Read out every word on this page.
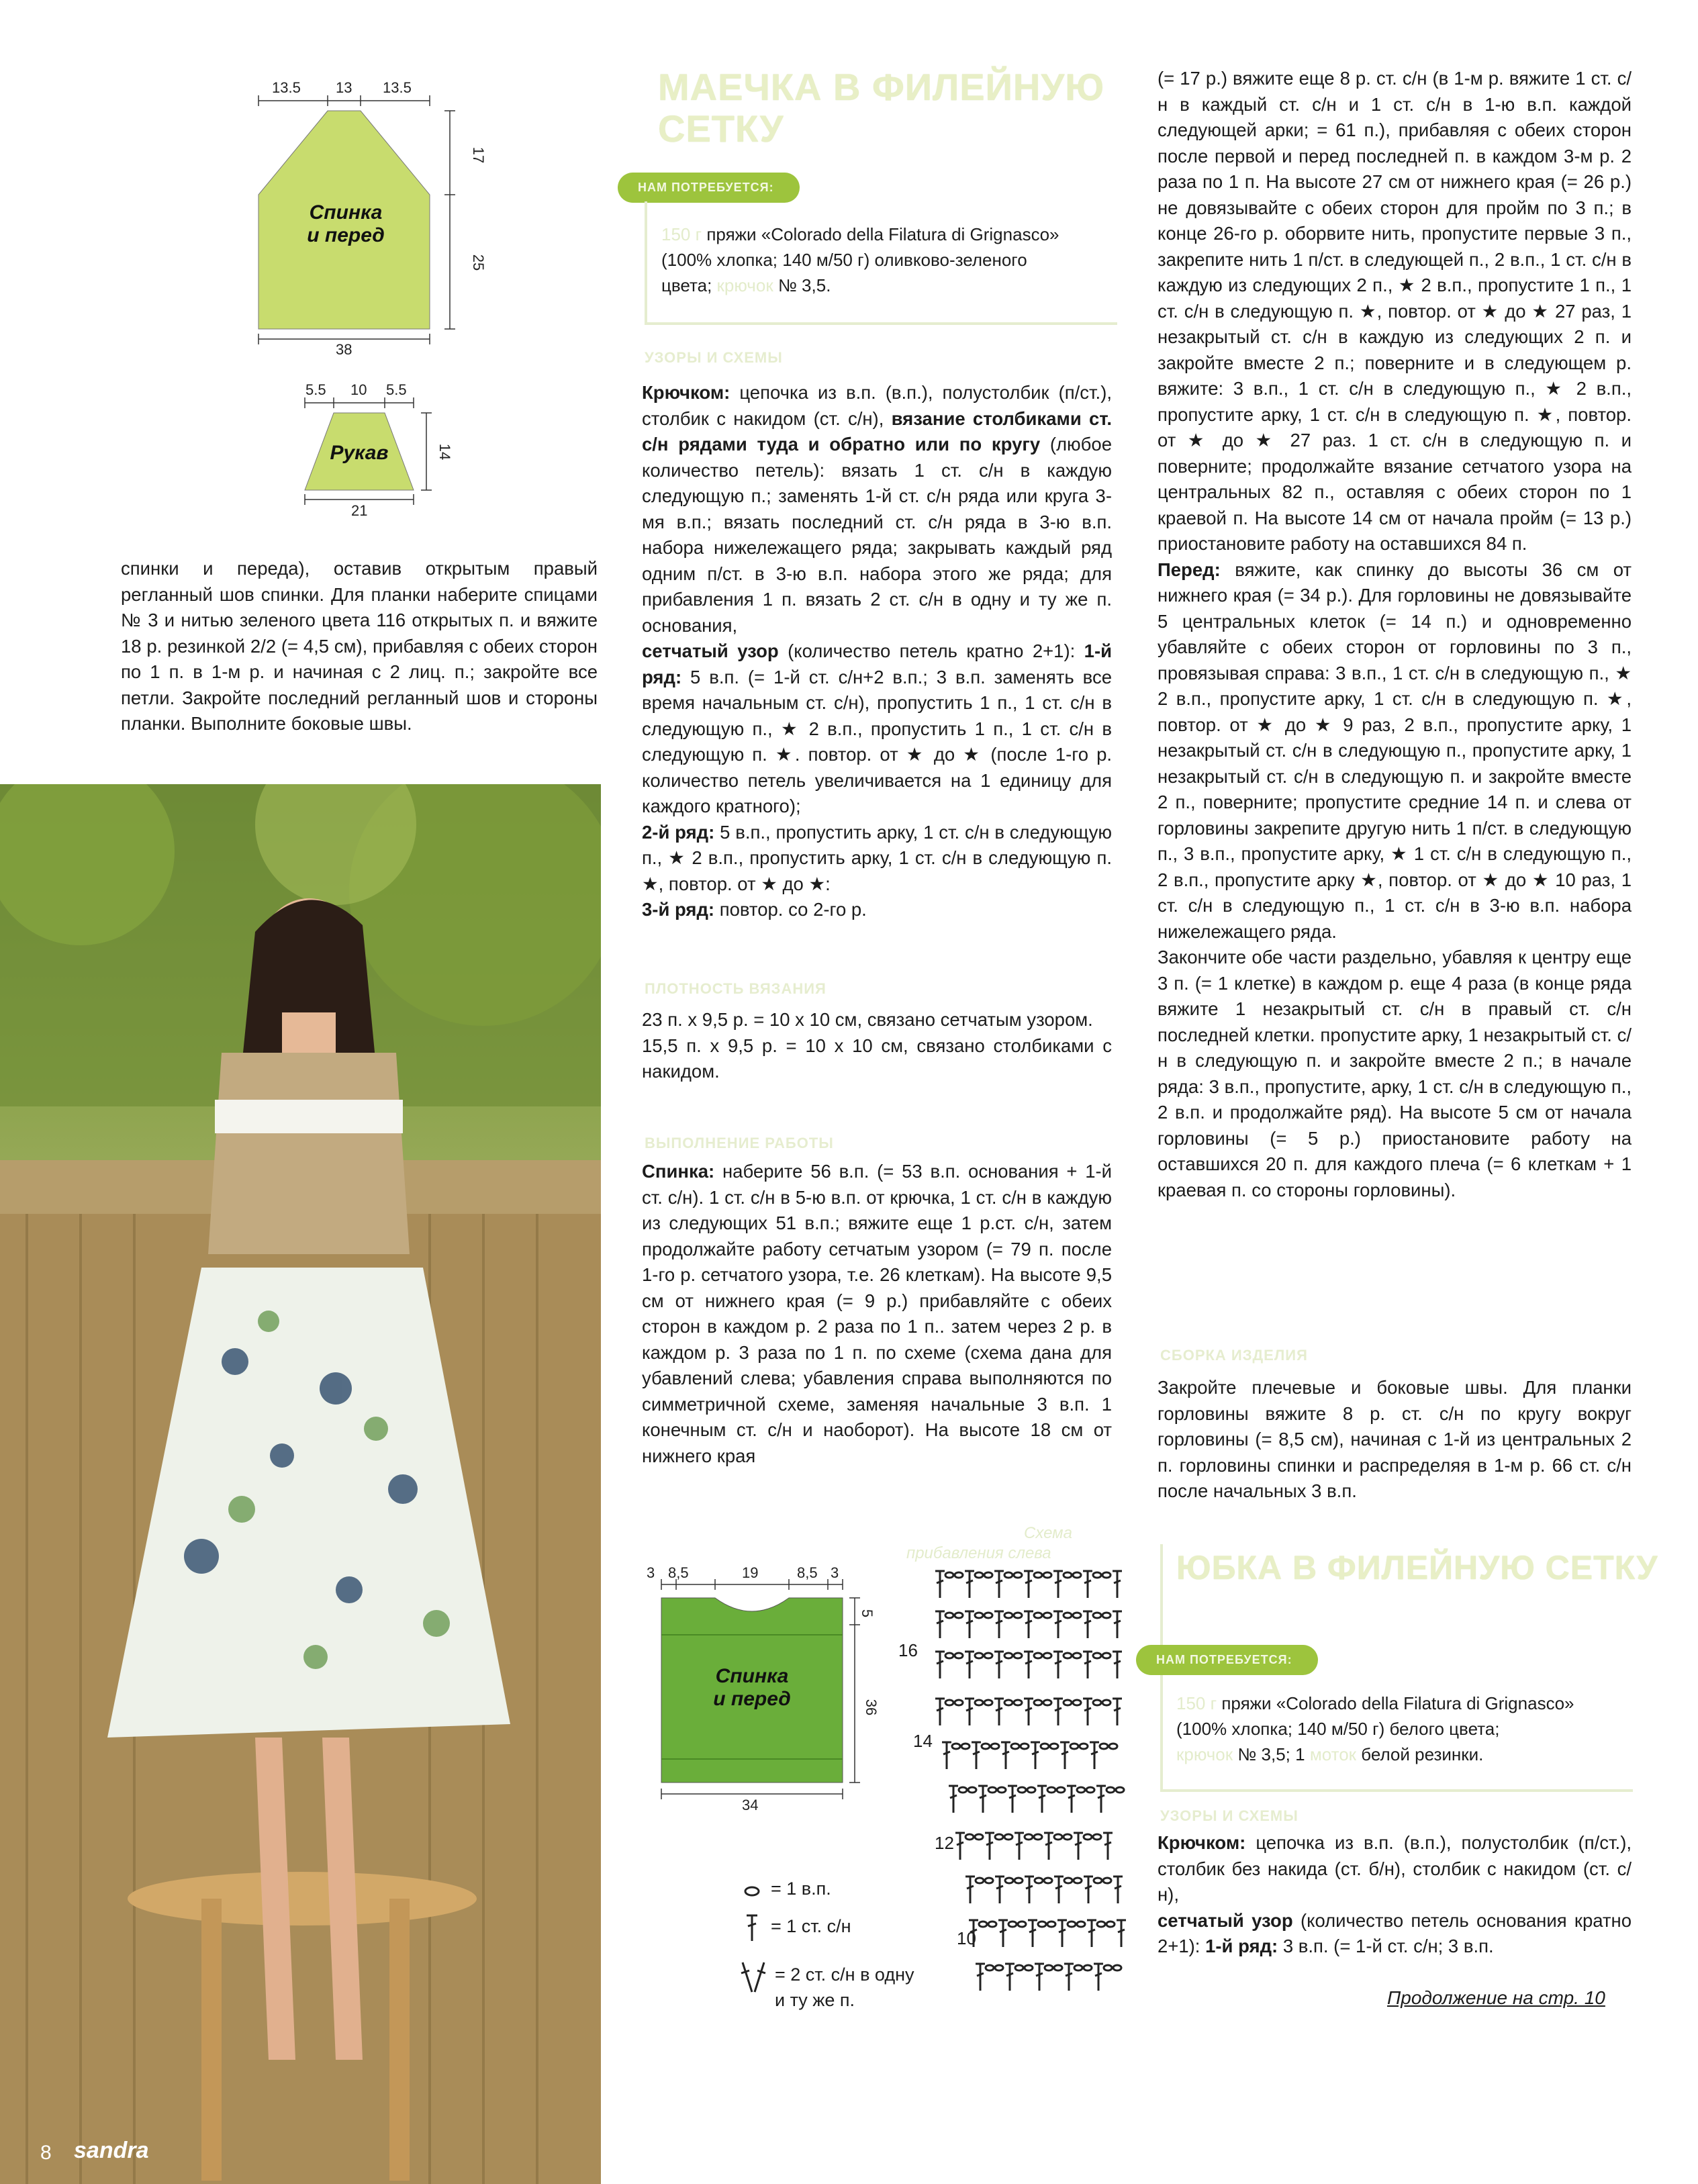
13.5 13 13.5
17
25
38
Спинка
и перед
5.5 10 5.5
14
21
Рукав
спинки и переда), оставив открытым правый регланный шов спинки. Для планки наберите спицами № 3 и нитью зеленого цвета 116 открытых п. и вяжите 18 р. резинкой 2/2 (= 4,5 см), прибавляя с обеих сторон по 1 п. в 1-м р. и начиная с 2 лиц. п.; закройте все петли. Закройте последний регланный шов и стороны планки. Выполните боковые швы.
8 sandra
МАЕЧКА В ФИЛЕЙНУЮ
СЕТКУ
НАМ ПОТРЕБУЕТСЯ:
150 г пряжи «Colorado della Filatura di Grignasco»
(100% хлопка; 140 м/50 г) оливково-зеленого
цвета; крючок № 3,5.
УЗОРЫ И СХЕМЫ
Крючком: цепочка из в.п. (в.п.), полустолбик (п/ст.), столбик с накидом (ст. с/н), вязание столбиками ст. с/н рядами туда и обратно или по кругу (любое количество петель): вязать 1 ст. с/н в каждую следующую п.; заменять 1-й ст. с/н ряда или круга 3-мя в.п.; вязать последний ст. с/н ряда в 3-ю в.п. набора нижележащего ряда; закрывать каждый ряд одним п/ст. в 3-ю в.п. набора этого же ряда; для прибавления 1 п. вязать 2 ст. с/н в одну и ту же п. основания,
сетчатый узор (количество петель кратно 2+1): 1-й ряд: 5 в.п. (= 1-й ст. с/н+2 в.п.; 3 в.п. заменять все время начальным ст. с/н), пропустить 1 п., 1 ст. с/н в следующую п., ★ 2 в.п., пропустить 1 п., 1 ст. с/н в следующую п. ★. повтор. от ★ до ★ (после 1-го р. количество петель увеличивается на 1 единицу для каждого кратного);
2-й ряд: 5 в.п., пропустить арку, 1 ст. с/н в следующую п., ★ 2 в.п., пропустить арку, 1 ст. с/н в следующую п. ★, повтор. от ★ до ★:
3-й ряд: повтор. со 2-го р.
ПЛОТНОСТЬ ВЯЗАНИЯ

23 п. х 9,5 р. = 10 х 10 см, связано сетчатым узором.

15,5 п. х 9,5 р. = 10 х 10 см, связано столбиками с накидом.

ВЫПОЛНЕНИЕ РАБОТЫ
Спинка: наберите 56 в.п. (= 53 в.п. основания + 1-й ст. с/н). 1 ст. с/н в 5-ю в.п. от крючка, 1 ст. с/н в каждую из следующих 51 в.п.; вяжите еще 1 р.ст. с/н, затем продолжайте работу сетчатым узором (= 79 п. после 1-го р. сетчатого узора, т.е. 26 клеткам). На высоте 9,5 см от нижнего края (= 9 р.) прибавляйте с обеих сторон в каждом р. 2 раза по 1 п.. затем через 2 р. в каждом р. 3 раза по 1 п. по схеме (схема дана для убавлений слева; убавления справа выполняются по симметричной схеме, заменяя начальные 3 в.п. 1 конечным ст. с/н и наоборот). На высоте 18 см от нижнего края
3 8,5	19	8,5 3
5
36
34
Спинка
и перед
Схема
прибавления слева
16
14
12
10
= 1 в.п.
= 1 ст. с/н
= 2 ст. с/н в одну
и ту же п.

(= 17 р.) вяжите еще 8 р. ст. с/н (в 1-м р. вяжите 1 ст. с/н в каждый ст. с/н и 1 ст. с/н в 1-ю в.п. каждой следующей арки; = 61 п.), прибавляя с обеих сторон после первой и перед последней п. в каждом 3-м р. 2 раза по 1 п. На высоте 27 см от нижнего края (= 26 р.) не довязывайте с обеих сторон для пройм по 3 п.; в конце 26-го р. оборвите нить, пропустите первые 3 п., закрепите нить 1 п/ст. в следующей п., 2 в.п., 1 ст. с/н в каждую из следующих 2 п., ★ 2 в.п., пропустите 1 п., 1 ст. с/н в следующую п. ★, повтор. от ★ до ★ 27 раз, 1 незакрытый ст. с/н в каждую из следующих 2 п. и закройте вместе 2 п.; поверните и в следующем р. вяжите: 3 в.п., 1 ст. с/н в следующую п., ★ 2 в.п., пропустите арку, 1 ст. с/н в следующую п. ★, повтор. от ★ до ★ 27 раз. 1 ст. с/н в следующую п. и поверните; продолжайте вязание сетчатого узора на центральных 82 п., оставляя с обеих сторон по 1 краевой п. На высоте 14 см от начала пройм (= 13 р.) приостановите работу на оставшихся 84 п.

Перед: вяжите, как спинку до высоты 36 см от нижнего края (= 34 р.). Для горловины не довязывайте 5 центральных клеток (= 14 п.) и одновременно убавляйте с обеих сторон от горловины по 3 п., провязывая справа: 3 в.п., 1 ст. с/н в следующую п., ★ 2 в.п., пропустите арку, 1 ст. с/н в следующую п. ★, повтор. от ★ до ★ 9 раз, 2 в.п., пропустите арку, 1 незакрытый ст. с/н в следующую п., пропустите арку, 1 незакрытый ст. с/н в следующую п. и закройте вместе 2 п., поверните; пропустите средние 14 п. и слева от горловины закрепите другую нить 1 п/ст. в следующую п., 3 в.п., пропустите арку, ★ 1 ст. с/н в следующую п., 2 в.п., пропустите арку ★, повтор. от ★ до ★ 10 раз, 1 ст. с/н в следующую п., 1 ст. с/н в 3-ю в.п. набора нижележащего ряда.

Закончите обе части раздельно, убавляя к центру еще 3 п. (= 1 клетке) в каждом р. еще 4 раза (в конце ряда вяжите 1 незакрытый ст. с/н в правый ст. с/н последней клетки. пропустите арку, 1 незакрытый ст. с/н в следующую п. и закройте вместе 2 п.; в начале ряда: 3 в.п., пропустите, арку, 1 ст. с/н в следующую п., 2 в.п. и продолжайте ряд). На высоте 5 см от начала горловины (= 5 р.) приостановите работу на оставшихся 20 п. для каждого плеча (= 6 клеткам + 1 краевая п. со стороны горловины).

СБОРКА ИЗДЕЛИЯ
Закройте плечевые и боковые швы. Для планки горловины вяжите 8 р. ст. с/н по кругу вокруг горловины (= 8,5 см), начиная с 1-й из центральных 2 п. горловины спинки и распределяя в 1-м р. 66 ст. с/н после начальных 3 в.п.
ЮБКА В ФИЛЕЙНУЮ СЕТКУ
НАМ ПОТРЕБУЕТСЯ:
150 г пряжи «Colorado della Filatura di Grignasco»
(100% хлопка; 140 м/50 г) белого цвета;
крючок № 3,5; 1 моток белой резинки.
УЗОРЫ И СХЕМЫ
Крючком: цепочка из в.п. (в.п.), полустолбик (п/ст.), столбик без накида (ст. б/н), столбик с накидом (ст. с/н),
сетчатый узор (количество петель основания кратно 2+1): 1-й ряд: 3 в.п. (= 1-й ст. с/н; 3 в.п.
Продолжение на стр. 10
